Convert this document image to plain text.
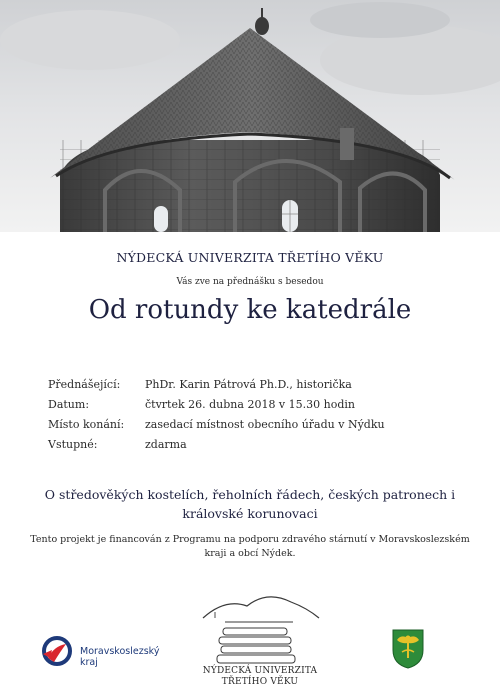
NÝDECKÁ UNIVERZITA TŘETÍHO VĚKU
Vás zve na přednášku s besedou
Od rotundy ke katedrále
Přednášející:	PhDr. Karin Pátrová Ph.D., historička
Datum:	čtvrtek 26. dubna 2018 v 15.30 hodin
Místo konání:	zasedací místnost obecního úřadu v Nýdku
Vstupné:	zdarma
O středověkých kostelích, řeholních řádech, českých patronech i královské korunovaci
Tento projekt je financován z Programu na podporu zdravého stárnutí v Moravskoslezském kraji a obcí Nýdek.
Moravskoslezský
kraj
NÝDECKÁ UNIVERZITA
TŘETÍHO VĚKU
